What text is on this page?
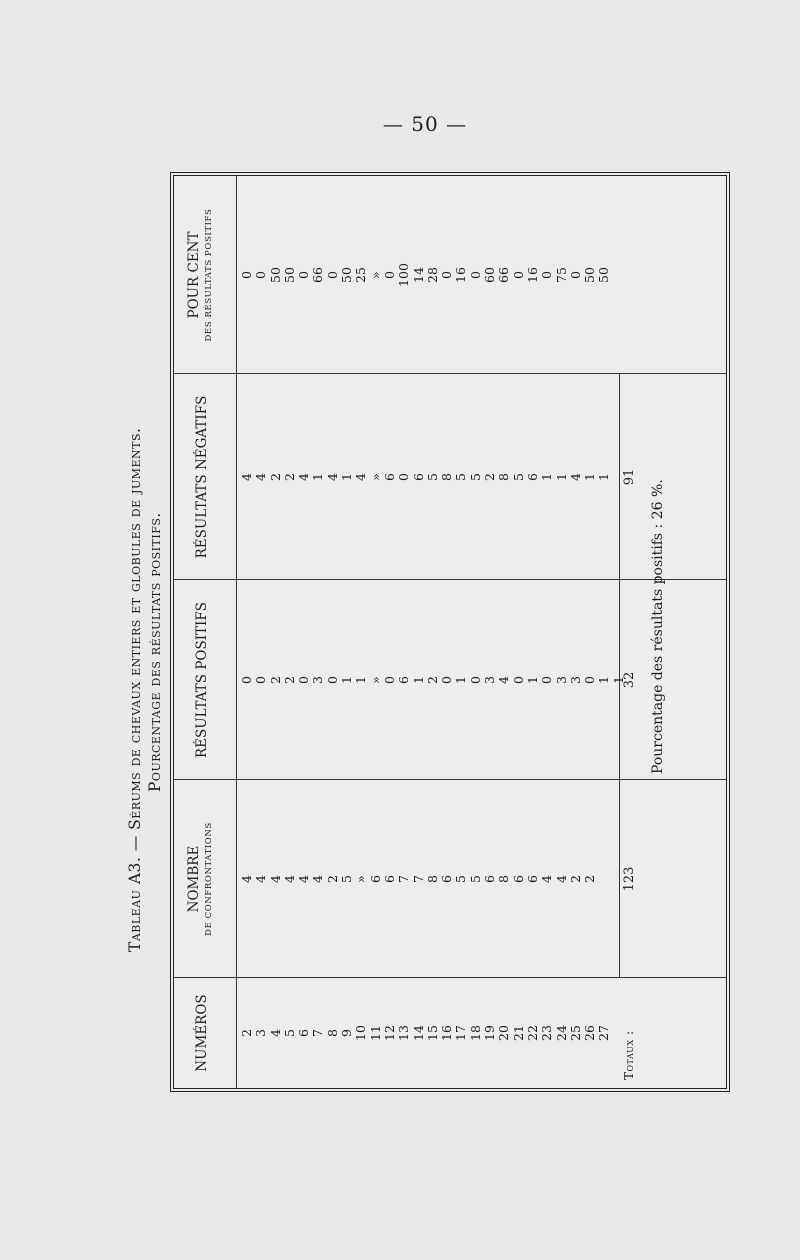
— 50 —
Tableau A3. — Sérums de chevaux entiers et globules de juments. Pourcentage des résultats positifs.
NUMÉROS
NOMBRE DE CONFRONTATIONS
RÉSULTATS POSITIFS
RÉSULTATS NÉGATIFS
POUR CENT DES RÉSULTATS POSITIFS
2 3 4 5 6 7 8 9 10 11 12 13 14 15 16 17 18 19 20 21 22 23 24 25 26 27
4 4 4 4 4 4 2 5 » 6 6 7 7 8 6 5 5 6 8 6 6 4 4 2 2
0 0 2 2 0 3 0 1 1 » 0 6 1 2 0 1 0 3 4 0 1 0 3 3 0 1 1
4 4 2 2 4 1 4 1 4 » 6 0 6 5 8 5 5 2 8 5 6 1 1 4 1 1
0 0 50 50 0 66 0 50 25 » 0 100 14 28 0 16 0 60 66 0 16 0 75 0 50 50
Totaux :
123
32
91
Pourcentage des résultats positifs : 26 %.
